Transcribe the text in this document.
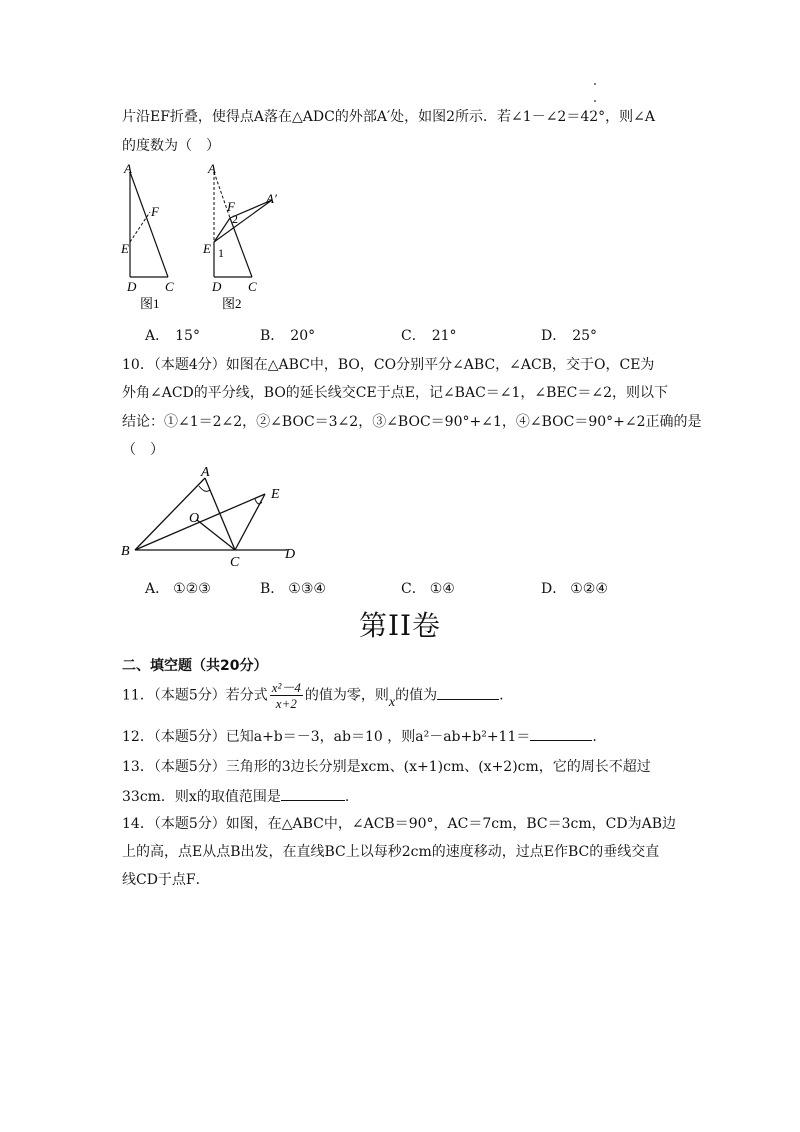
片沿EF折叠，使得点A落在△ADC的外部A′处，如图2所示．若∠1－∠2＝42°，则∠A
的度数为（　）
A
F
E
D C
图1
A
F
2
A′
E 1
D C
图2
A． 15°	B． 20°	C． 21°	D． 25°
10．（本题4分）如图在△ABC中，BO，CO分别平分∠ABC，∠ACB，交于O，CE为
外角∠ACD的平分线，BO的延长线交CE于点E，记∠BAC＝∠1，∠BEC＝∠2，则以下
结论：①∠1＝2∠2，②∠BOC＝3∠2，③∠BOC＝90°+∠1，④∠BOC＝90°+∠2正确的是
（　）
A
E
O
B
C
D
A． ①②③	B． ①③④	C． ①④	D． ①②④
第II卷
二、填空题（共20分）
11．（本题5分）若分式 $\frac{\text{x²－4}}{x+2}$ 的值为零，则x的值为	.
12．（本题5分）已知a+b＝－3，ab＝10 ，则a²－ab+b²+11＝	.
13．（本题5分）三角形的3边长分别是xcm、(x+1)cm、(x+2)cm，它的周长不超过
33cm．则x的取值范围是	.
14．（本题5分）如图，在△ABC中，∠ACB＝90°，AC＝7cm，BC＝3cm，CD为AB边
上的高，点E从点B出发，在直线BC上以每秒2cm的速度移动，过点E作BC的垂线交直
线CD于点F．
